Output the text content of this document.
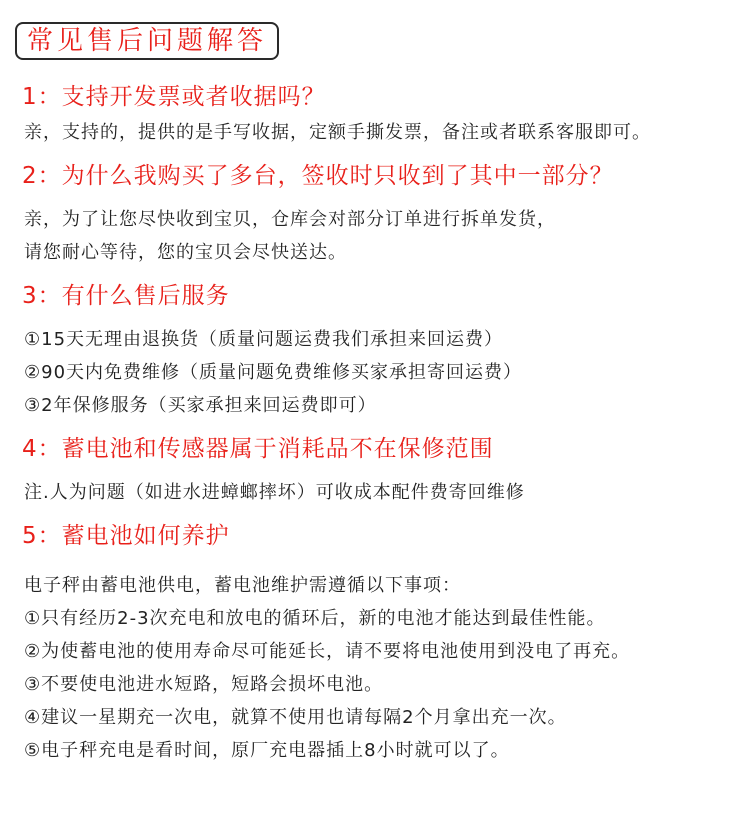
常见售后问题解答
1：支持开发票或者收据吗？
亲，支持的，提供的是手写收据，定额手撕发票，备注或者联系客服即可。
2：为什么我购买了多台，签收时只收到了其中一部分？
亲，为了让您尽快收到宝贝，仓库会对部分订单进行拆单发货，
请您耐心等待，您的宝贝会尽快送达。
3：有什么售后服务
①15天无理由退换货（质量问题运费我们承担来回运费）
②90天内免费维修（质量问题免费维修买家承担寄回运费）
③2年保修服务（买家承担来回运费即可）
4：蓄电池和传感器属于消耗品不在保修范围
注.人为问题（如进水进蟑螂摔坏）可收成本配件费寄回维修
5：蓄电池如何养护
电子秤由蓄电池供电，蓄电池维护需遵循以下事项：
①只有经历2-3次充电和放电的循环后，新的电池才能达到最佳性能。
②为使蓄电池的使用寿命尽可能延长，请不要将电池使用到没电了再充。
③不要使电池进水短路，短路会损坏电池。
④建议一星期充一次电，就算不使用也请每隔2个月拿出充一次。
⑤电子秤充电是看时间，原厂充电器插上8小时就可以了。
